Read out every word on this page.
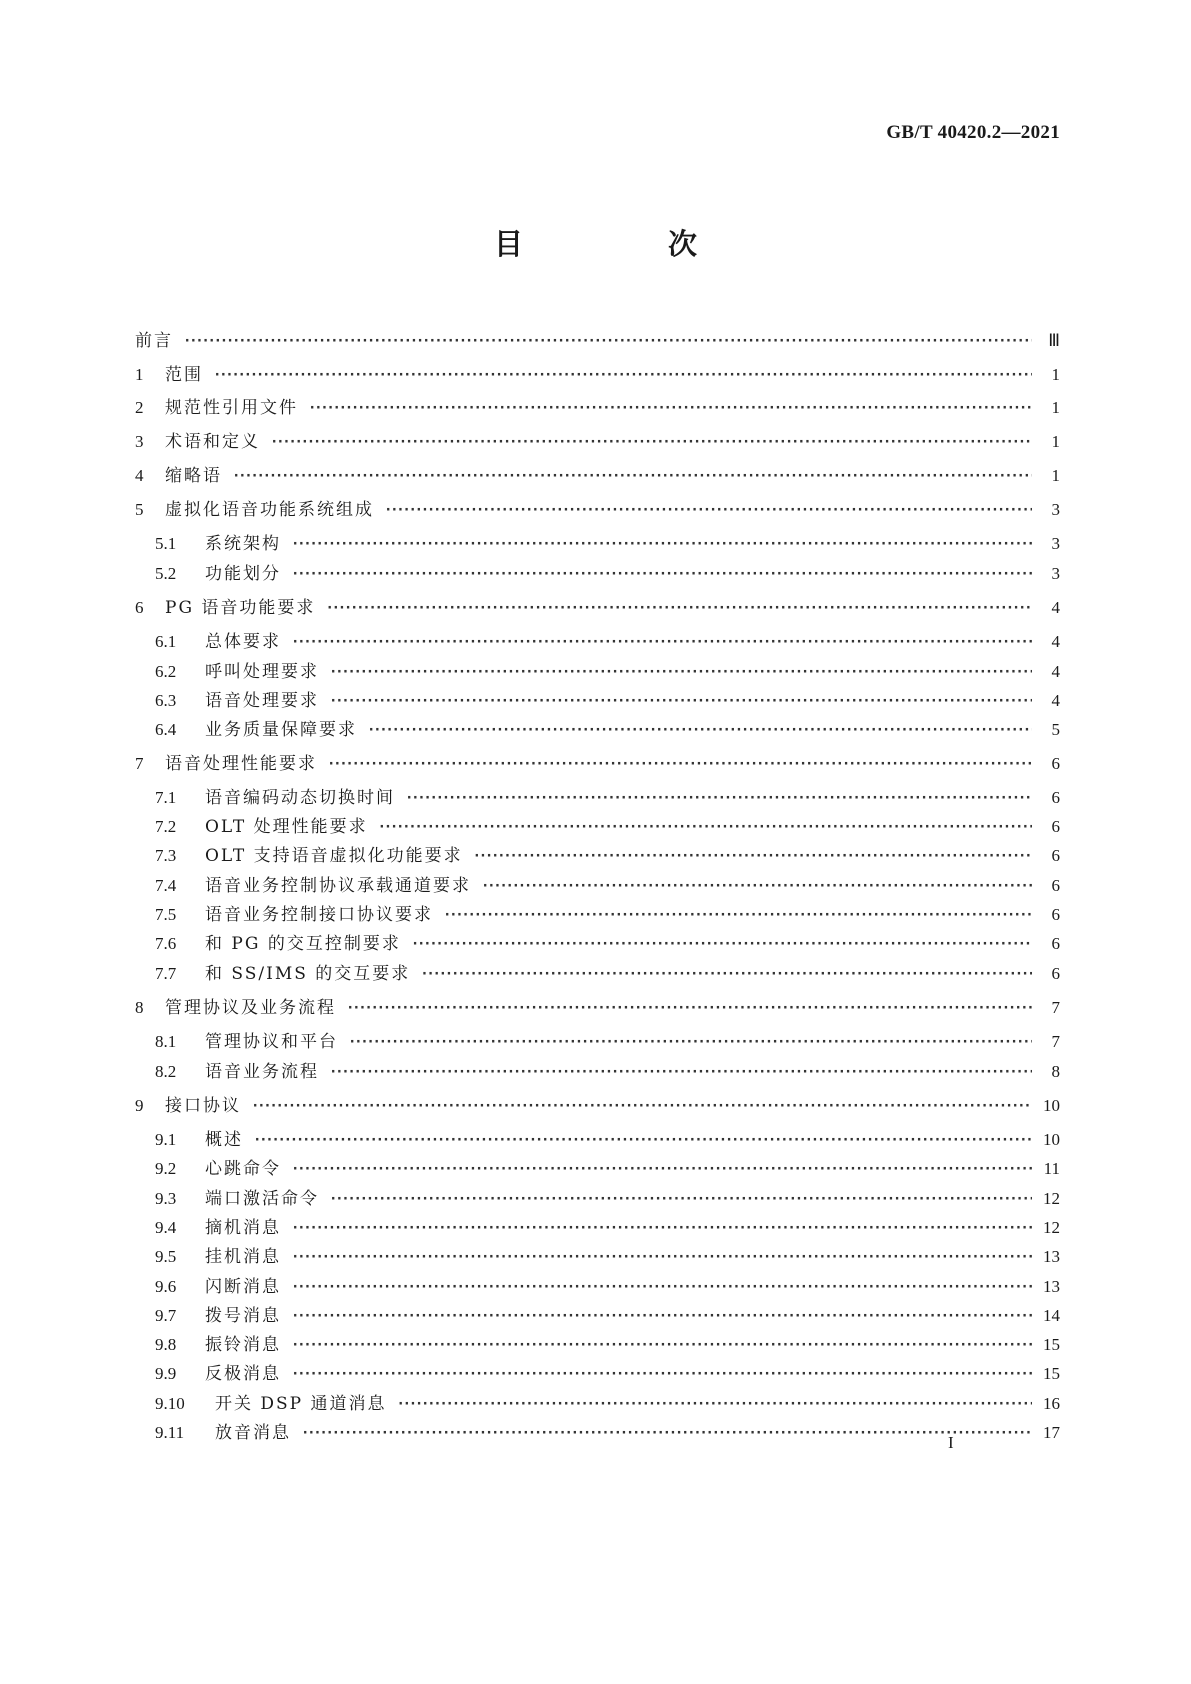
GB/T 40420.2—2021
目　次
前言 ·····	Ⅲ
1	范围 ·····	1
2	规范性引用文件 ·····	1
3	术语和定义 ·····	1
4	缩略语 ·····	1
5	虚拟化语音功能系统组成 ·····	3
5.1	系统架构 ·····	3
5.2	功能划分 ·····	3
6	PG 语音功能要求 ·····	4
6.1	总体要求 ·····	4
6.2	呼叫处理要求 ·····	4
6.3	语音处理要求 ·····	4
6.4	业务质量保障要求 ·····	5
7	语音处理性能要求 ·····	6
7.1	语音编码动态切换时间 ·····	6
7.2	OLT 处理性能要求 ·····	6
7.3	OLT 支持语音虚拟化功能要求 ·····	6
7.4	语音业务控制协议承载通道要求 ·····	6
7.5	语音业务控制接口协议要求 ·····	6
7.6	和 PG 的交互控制要求 ·····	6
7.7	和 SS/IMS 的交互要求 ·····	6
8	管理协议及业务流程 ·····	7
8.1	管理协议和平台 ·····	7
8.2	语音业务流程 ·····	8
9	接口协议 ·····	10
9.1	概述 ·····	10
9.2	心跳命令 ·····	11
9.3	端口激活命令 ·····	12
9.4	摘机消息 ·····	12
9.5	挂机消息 ·····	13
9.6	闪断消息 ·····	13
9.7	拨号消息 ·····	14
9.8	振铃消息 ·····	15
9.9	反极消息 ·····	15
9.10	开关 DSP 通道消息 ·····	16
9.11	放音消息 ·····	17
I
